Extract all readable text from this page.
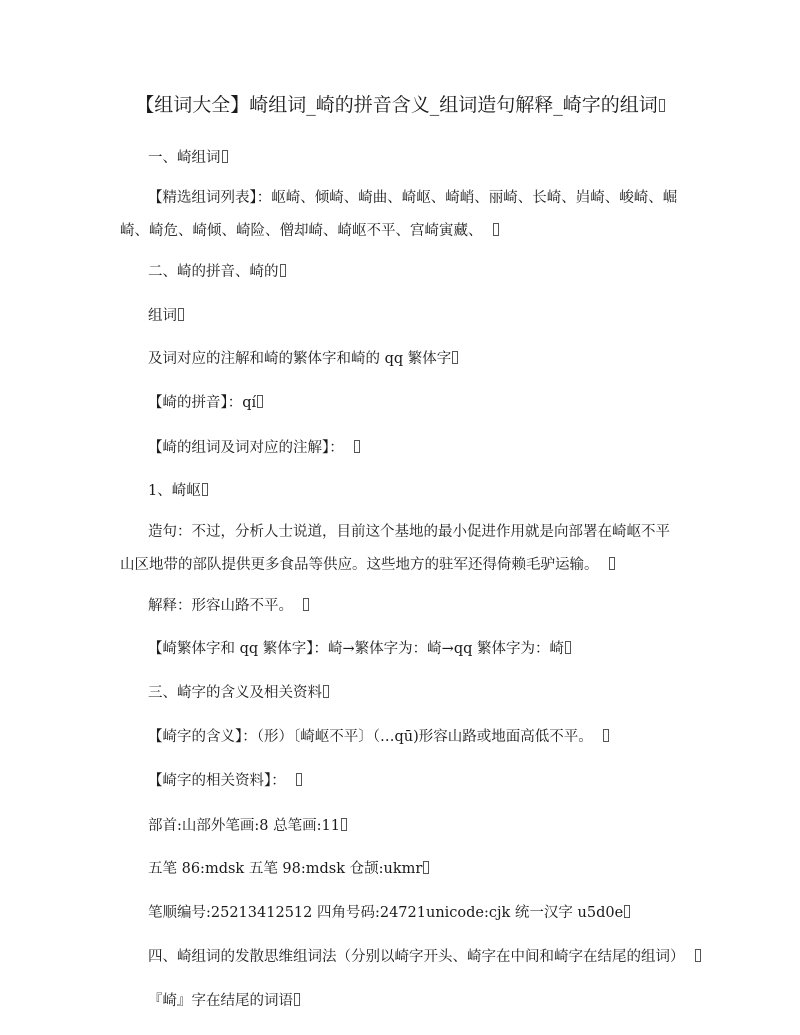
【组词大全】崎组词_崎的拼音含义_组词造句解释_崎字的组词
一、崎组词
【精选组词列表】：岖崎、倾崎、崎曲、崎岖、崎峭、丽崎、长崎、岿崎、峻崎、崛崎、崎危、崎倾、崎险、僧却崎、崎岖不平、宫崎寅藏、
二、崎的拼音、崎的
组词
及词对应的注解和崎的繁体字和崎的 qq 繁体字
【崎的拼音】：qí
【崎的组词及词对应的注解】：
1、崎岖
造句：不过，分析人士说道，目前这个基地的最小促进作用就是向部署在崎岖不平山区地带的部队提供更多食品等供应。这些地方的驻军还得倚赖毛驴运输。
解释：形容山路不平。
【崎繁体字和 qq 繁体字】：崎→繁体字为：崎→qq 繁体字为：崎
三、崎字的含义及相关资料
【崎字的含义】：（形）〔崎岖不平〕（…qū)形容山路或地面高低不平。
【崎字的相关资料】：
部首:山部外笔画:8 总笔画:11
五笔 86:mdsk 五笔 98:mdsk 仓颉:ukmr
笔顺编号:25213412512 四角号码:24721unicode:cjk 统一汉字 u5d0e
四、崎组词的发散思维组词法（分别以崎字开头、崎字在中间和崎字在结尾的组词）
『崎』字在结尾的词语
